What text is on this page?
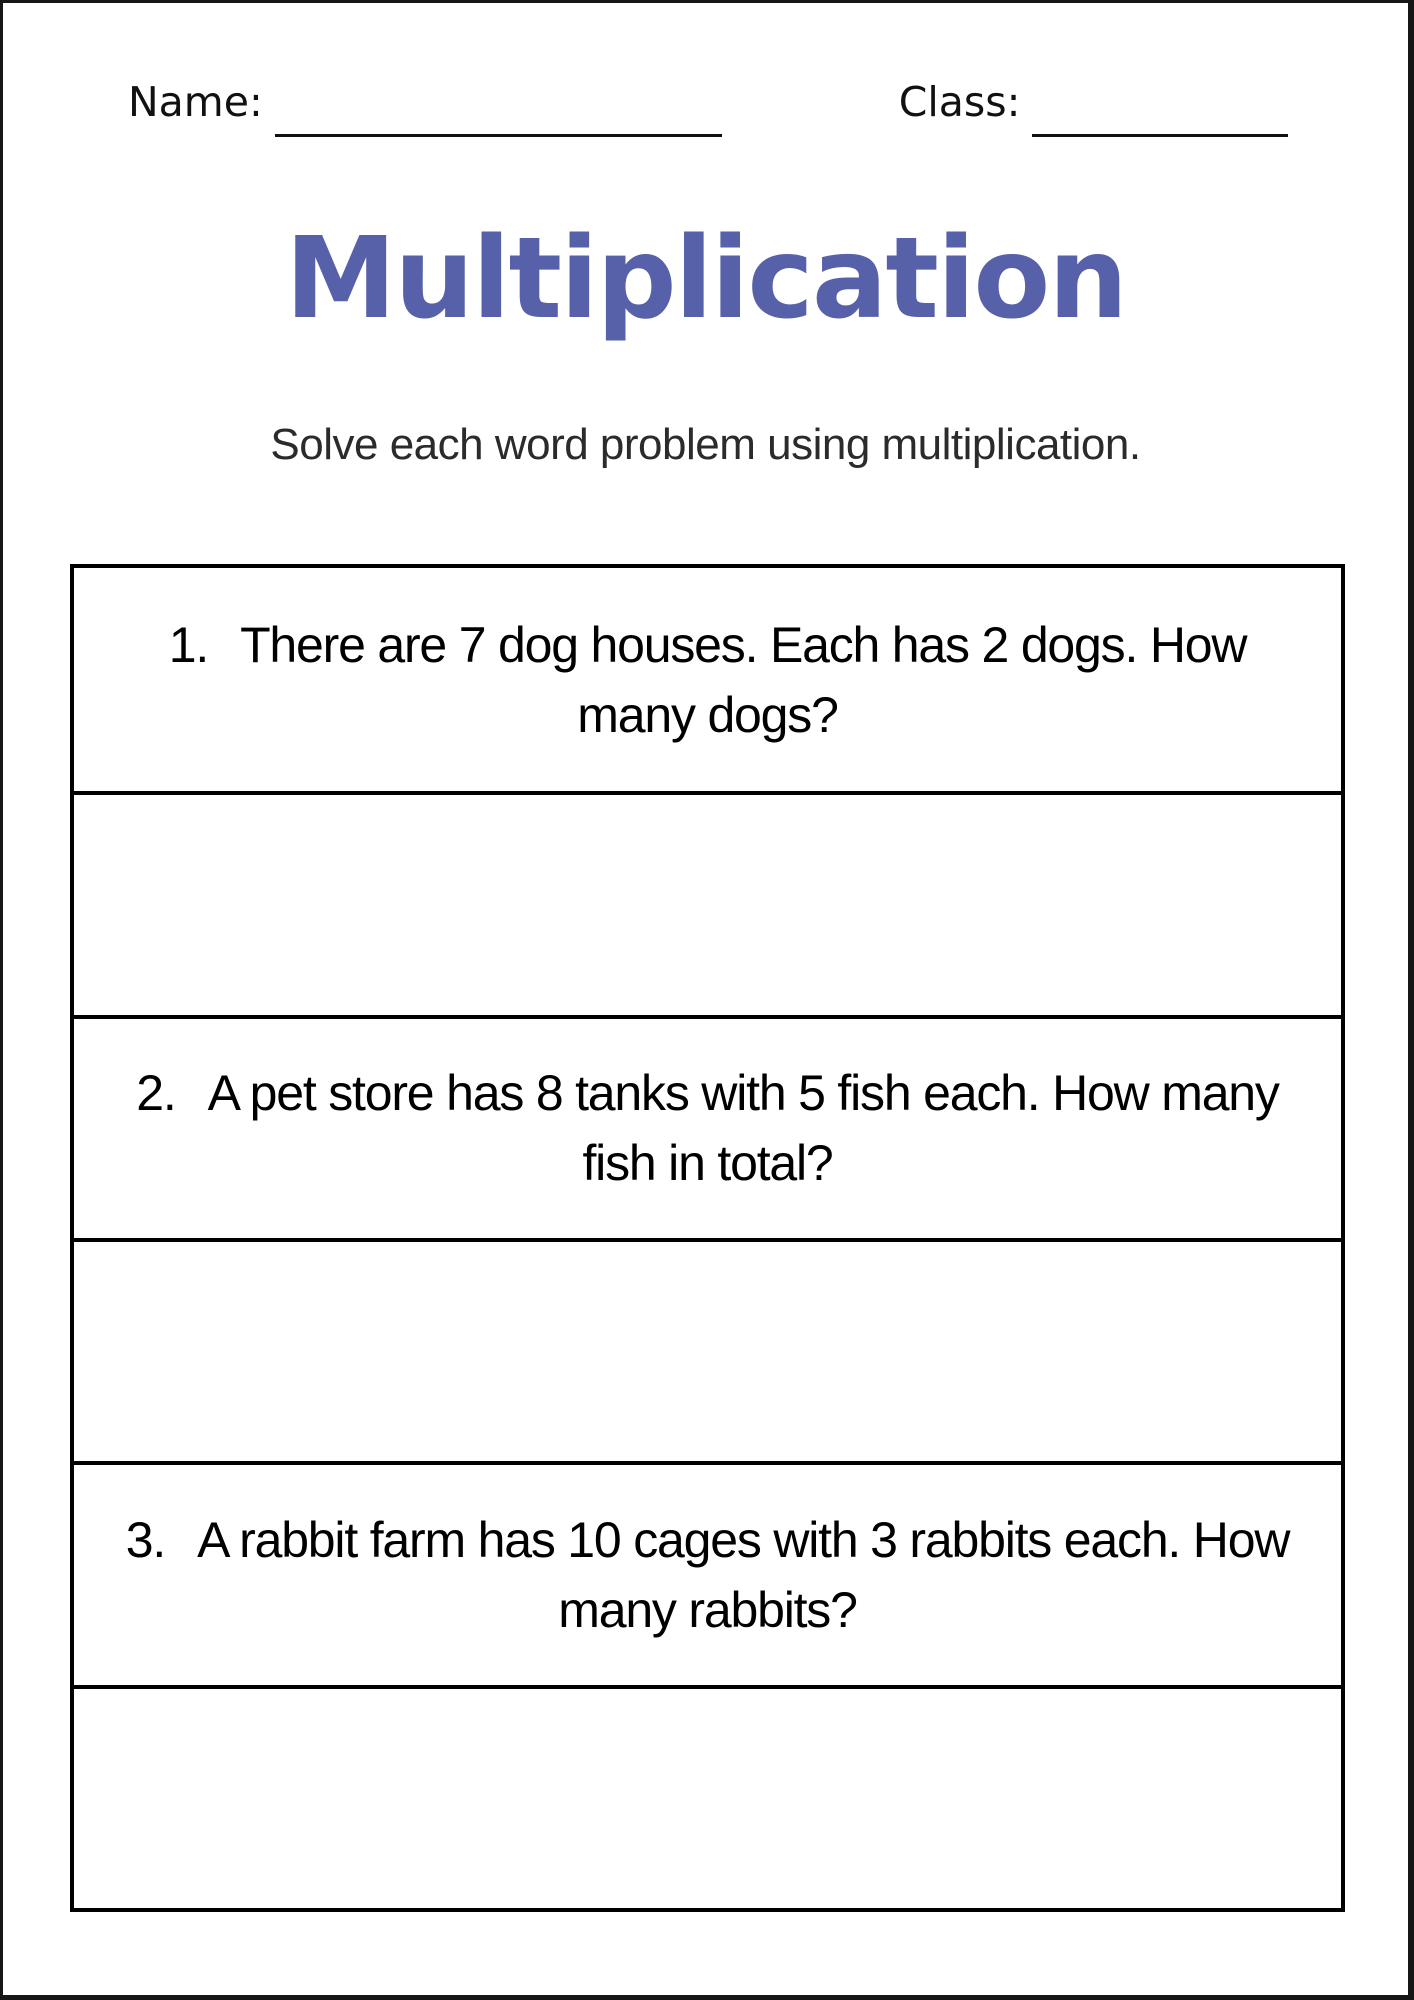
Name:	Class:
Multiplication
Solve each word problem using multiplication.

1. There are 7 dog houses. Each has 2 dogs. How

many dogs?

2. A pet store has 8 tanks with 5 fish each. How many

fish in total?

3. A rabbit farm has 10 cages with 3 rabbits each. How

many rabbits?
